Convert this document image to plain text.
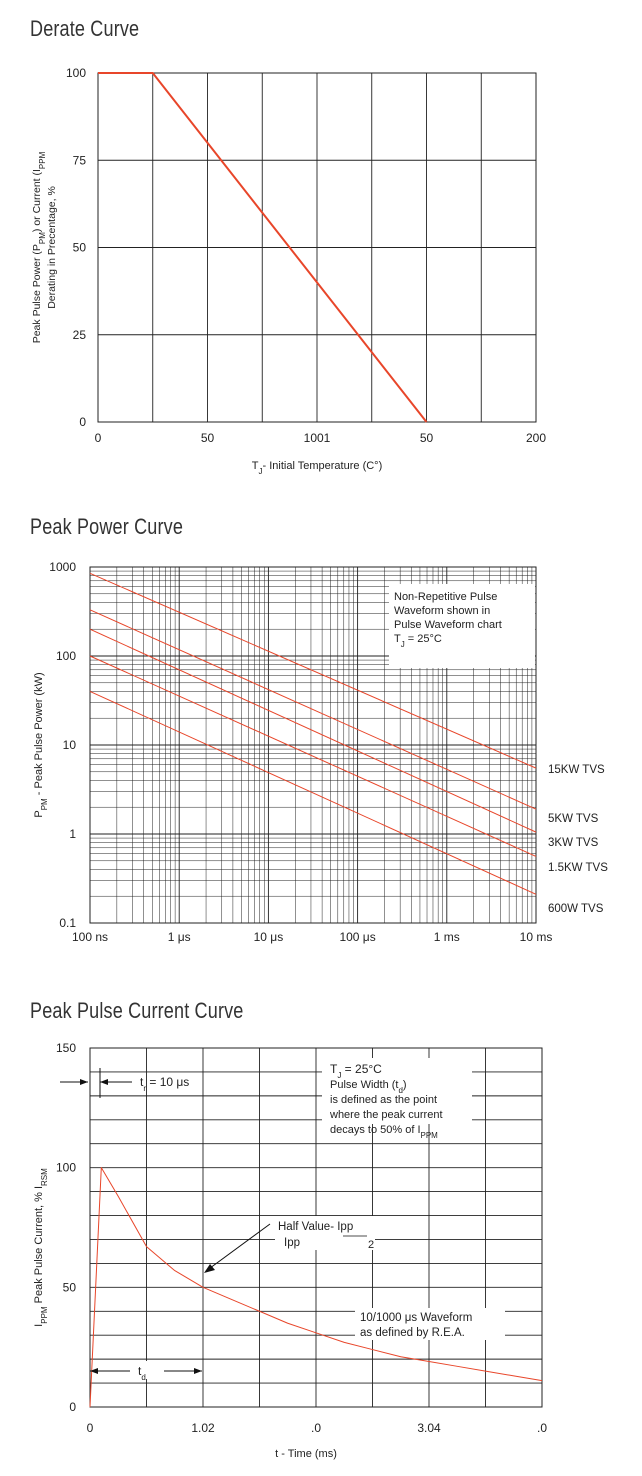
Derate Curve
Peak Power Curve
Peak Pulse Current Curve
0	50	1001	50	200
0
25
50
75
100
$T_J-$ Initial Temperature (C°)
Peak Pulse Power $(P_{PM})$ or Current ($I_{PPM}$
Derating in Precentage, %
100 ns	1 μs	10 μs	100 μs	1 ms	10 ms
1000
100
10
1
0.1
15KW TVS
5KW TVS
3KW TVS
1.5KW TVS
600W TVS
Non-Repetitive Pulse
Waveform shown in
Pulse Waveform chart
$T_J = 25^\circ C$
$P_{PM}$ - Peak Pulse Power (kW)
0	1.02	.0	3.04	.0
0
50
100
150
$t_r = 10$ μs
$t_d$
Half Value- Ipp
Ipp	2
10/1000 μs Waveform
as defined by R.E.A.
$T_J = 25^\circ C$
Pulse Width $(t_d)$
is defined as the point
where the peak current
decays to 50% of $I_{PPM}$
t - Time (ms)
$I_{PPM}$ Peak Pulse Current, % $I_{RSM}$
